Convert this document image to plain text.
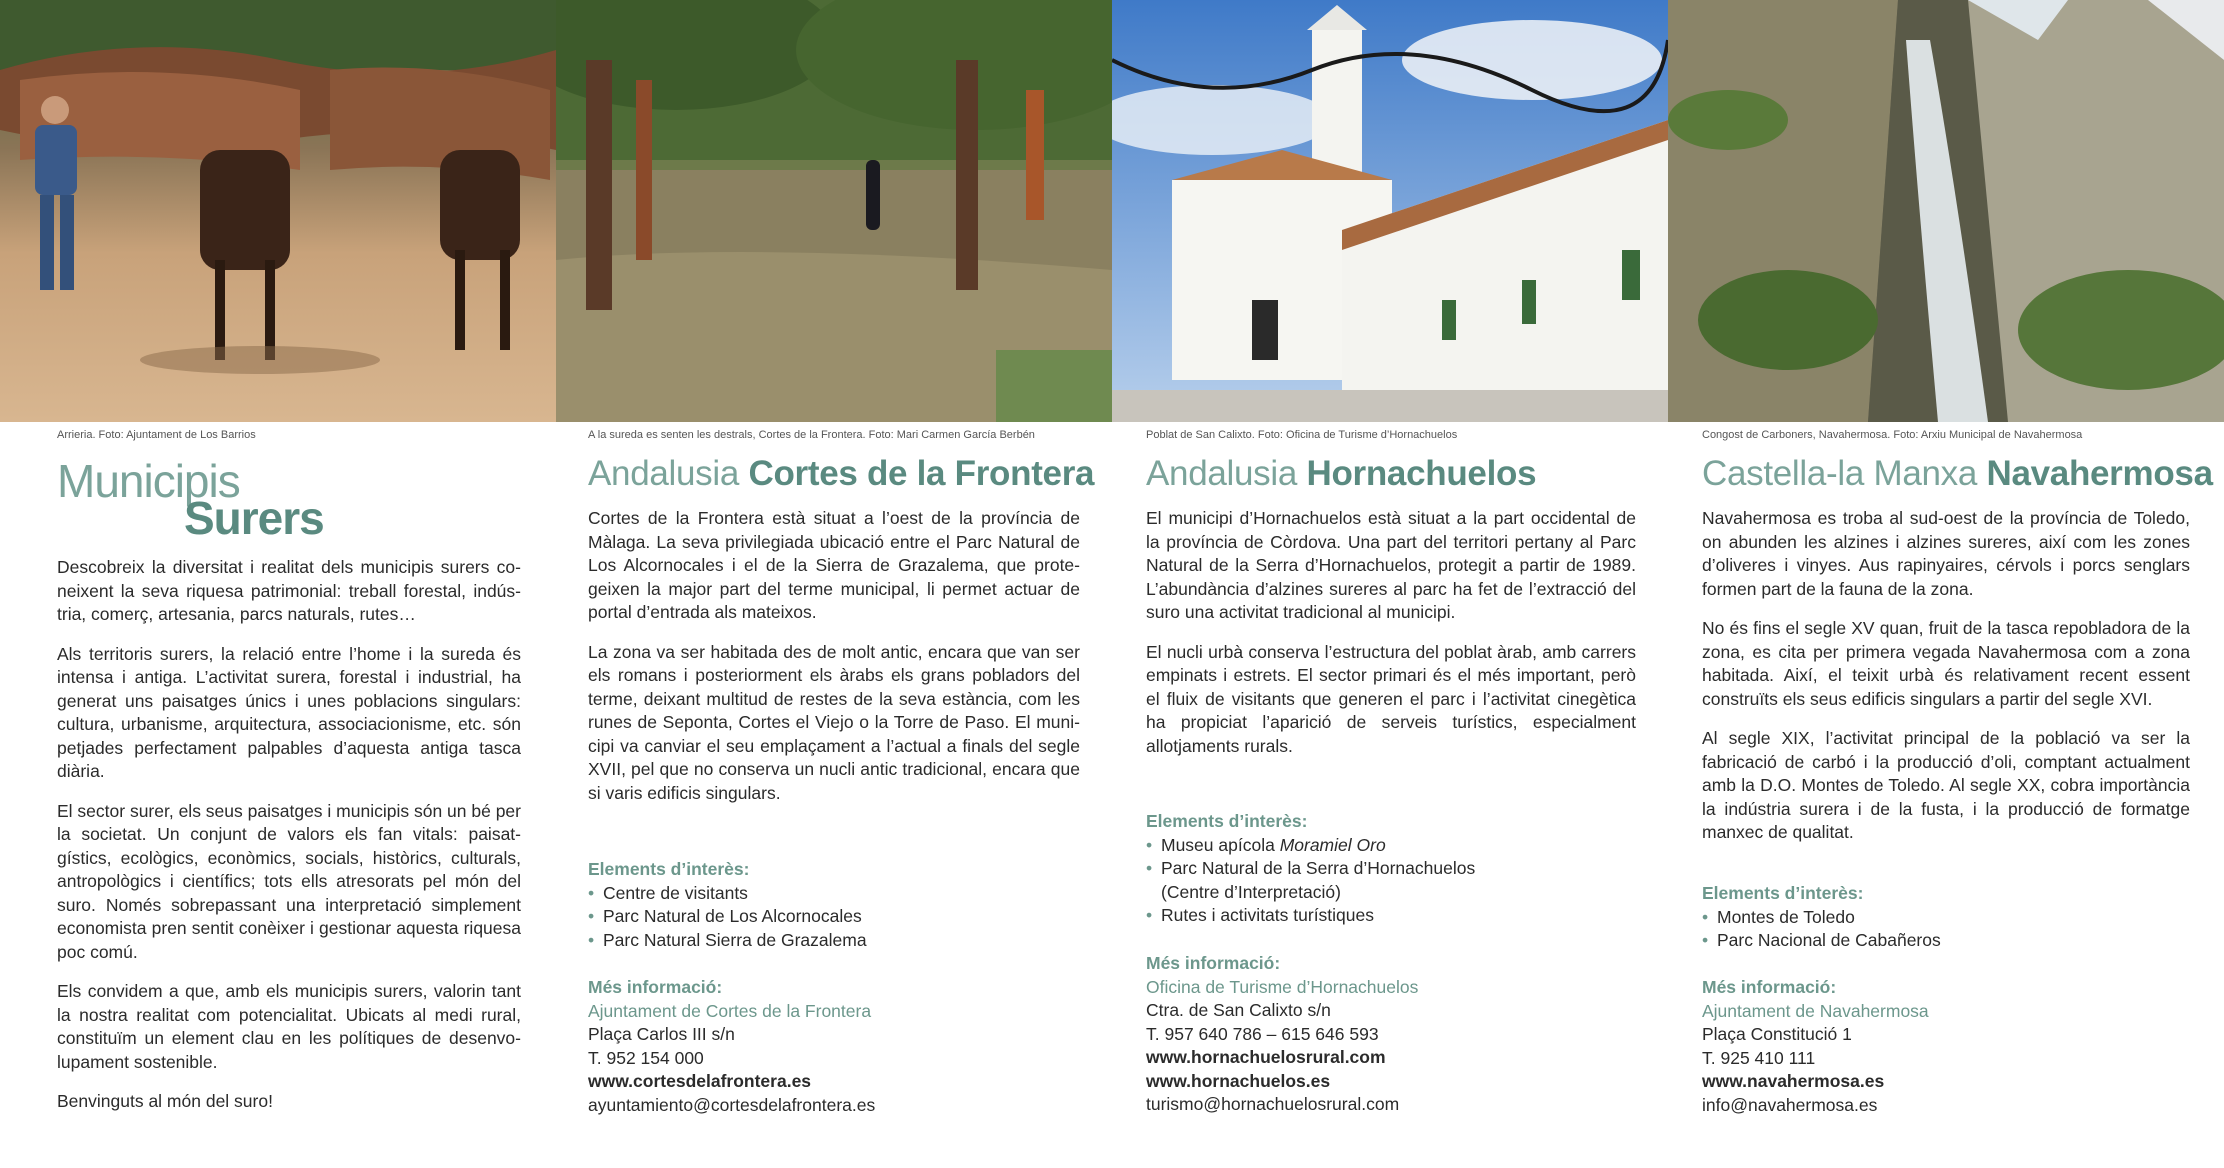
Arrieria. Foto: Ajuntament de Los Barrios
Municipis
Surers

Descobreix la diversitat i realitat dels municipis surers co-neixent la seva riquesa patrimonial: treball forestal, indús-tria, comerç, artesania, parcs naturals, rutes…

Als territoris surers, la relació entre l’home i la sureda és intensa i antiga. L’activitat surera, forestal i industrial, ha generat uns paisatges únics i unes poblacions singulars: cultura, urbanisme, arquitectura, associacionisme, etc. són petjades perfectament palpables d’aquesta antiga tasca diària.

El sector surer, els seus paisatges i municipis són un bé per la societat. Un conjunt de valors els fan vitals: paisat-gístics, ecològics, econòmics, socials, històrics, culturals, antropològics i científics; tots ells atresorats pel món del suro. Només sobrepassant una interpretació simplement economista pren sentit conèixer i gestionar aquesta riquesa poc comú.

Els convidem a que, amb els municipis surers, valorin tant la nostra realitat com potencialitat. Ubicats al medi rural, constituïm un element clau en les polítiques de desenvo-lupament sostenible.

Benvinguts al món del suro!

A la sureda es senten les destrals, Cortes de la Frontera. Foto: Mari Carmen García Berbén
Andalusia Cortes de la Frontera

Cortes de la Frontera està situat a l’oest de la província de Màlaga. La seva privilegiada ubicació entre el Parc Natural de Los Alcornocales i el de la Sierra de Grazalema, que prote-geixen la major part del terme municipal, li permet actuar de portal d’entrada als mateixos.

La zona va ser habitada des de molt antic, encara que van ser els romans i posteriorment els àrabs els grans pobladors del terme, deixant multitud de restes de la seva estància, com les runes de Seponta, Cortes el Viejo o la Torre de Paso. El muni-cipi va canviar el seu emplaçament a l’actual a finals del segle XVII, pel que no conserva un nucli antic tradicional, encara que si varis edificis singulars.

Elements d’interès:

• Centre de visitants
• Parc Natural de Los Alcornocales
• Parc Natural Sierra de Grazalema

Més informació:

Ajuntament de Cortes de la Frontera

Plaça Carlos III s/n

T. 952 154 000

www.cortesdelafrontera.es

ayuntamiento@cortesdelafrontera.es

Poblat de San Calixto. Foto: Oficina de Turisme d’Hornachuelos
Andalusia Hornachuelos

El municipi d’Hornachuelos està situat a la part occidental de la província de Còrdova. Una part del territori pertany al Parc Natural de la Serra d’Hornachuelos, protegit a partir de 1989. L’abundància d’alzines sureres al parc ha fet de l’extracció del suro una activitat tradicional al municipi.

El nucli urbà conserva l’estructura del poblat àrab, amb carrers empinats i estrets. El sector primari és el més important, però el fluix de visitants que generen el parc i l’activitat cinegètica ha propiciat l’aparició de serveis turístics, especialment allotjaments rurals.

Elements d’interès:

• Museu apícola Moramiel Oro
• Parc Natural de la Serra d’Hornachuelos
(Centre d’Interpretació)
• Rutes i activitats turístiques

Més informació:

Oficina de Turisme d’Hornachuelos

Ctra. de San Calixto s/n

T. 957 640 786 – 615 646 593

www.hornachuelosrural.com

www.hornachuelos.es

turismo@hornachuelosrural.com

Congost de Carboners, Navahermosa. Foto: Arxiu Municipal de Navahermosa
Castella-la Manxa Navahermosa

Navahermosa es troba al sud-oest de la província de Toledo, on abunden les alzines i alzines sureres, així com les zones d’oliveres i vinyes. Aus rapinyaires, cérvols i porcs senglars formen part de la fauna de la zona.

No és fins el segle XV quan, fruit de la tasca repobladora de la zona, es cita per primera vegada Navahermosa com a zona habitada. Així, el teixit urbà és relativament recent essent construïts els seus edificis singulars a partir del segle XVI.

Al segle XIX, l’activitat principal de la població va ser la fabricació de carbó i la producció d’oli, comptant actualment amb la D.O. Montes de Toledo. Al segle XX, cobra importància la indústria surera i de la fusta, i la producció de formatge manxec de qualitat.

Elements d’interès:

• Montes de Toledo
• Parc Nacional de Cabañeros

Més informació:

Ajuntament de Navahermosa

Plaça Constitució 1

T. 925 410 111

www.navahermosa.es

info@navahermosa.es
